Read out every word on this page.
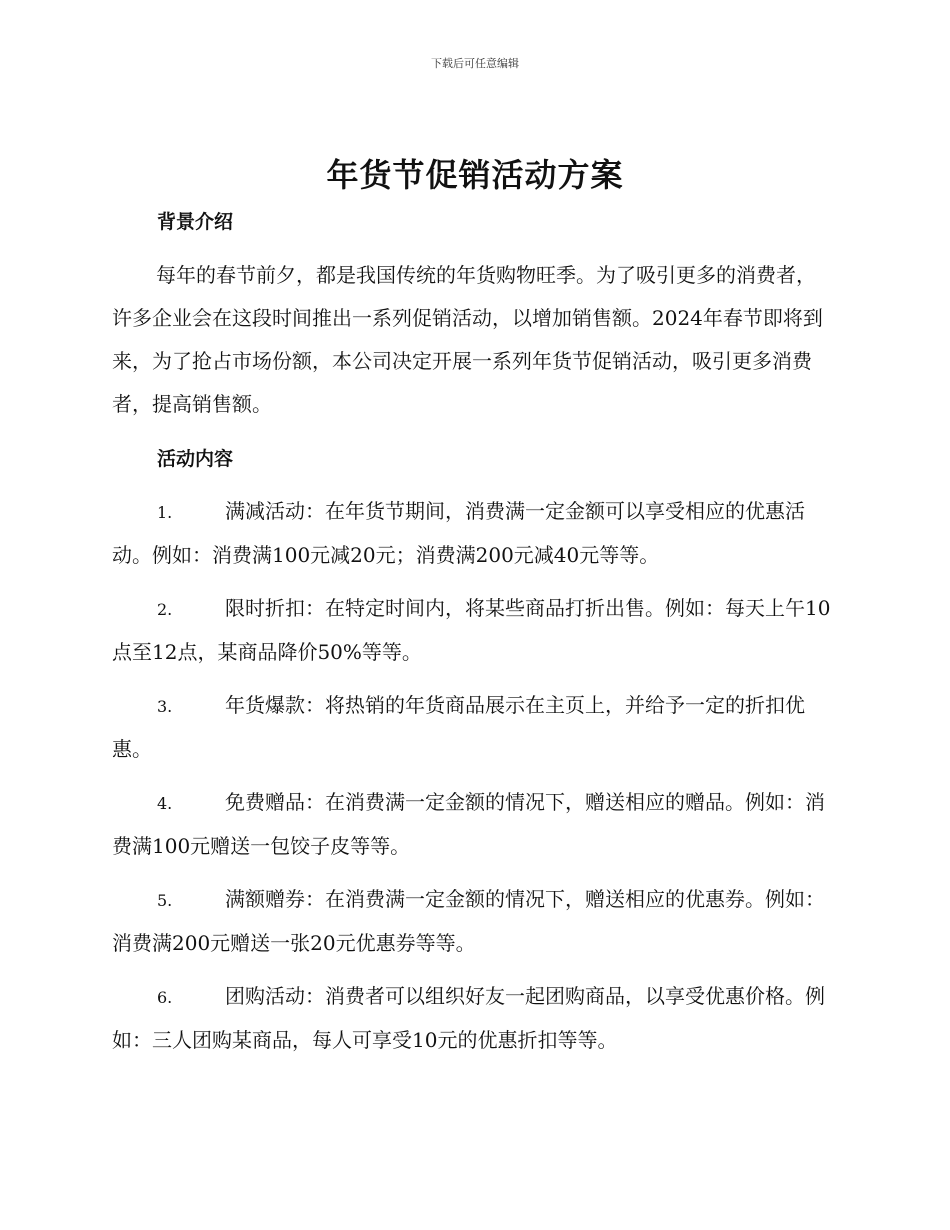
下载后可任意编辑
年货节促销活动方案
背景介绍

每年的春节前夕，都是我国传统的年货购物旺季。为了吸引更多的消费者，许多企业会在这段时间推出一系列促销活动，以增加销售额。2024年春节即将到来，为了抢占市场份额，本公司决定开展一系列年货节促销活动，吸引更多消费者，提高销售额。

活动内容

1.	满减活动：在年货节期间，消费满一定金额可以享受相应的优惠活动。例如：消费满100元减20元；消费满200元减40元等等。

2.	限时折扣：在特定时间内，将某些商品打折出售。例如：每天上午10点至12点，某商品降价50%等等。

3.	年货爆款：将热销的年货商品展示在主页上，并给予一定的折扣优惠。

4.	免费赠品：在消费满一定金额的情况下，赠送相应的赠品。例如：消费满100元赠送一包饺子皮等等。

5.	满额赠券：在消费满一定金额的情况下，赠送相应的优惠券。例如：消费满200元赠送一张20元优惠券等等。

6.	团购活动：消费者可以组织好友一起团购商品，以享受优惠价格。例如：三人团购某商品，每人可享受10元的优惠折扣等等。
